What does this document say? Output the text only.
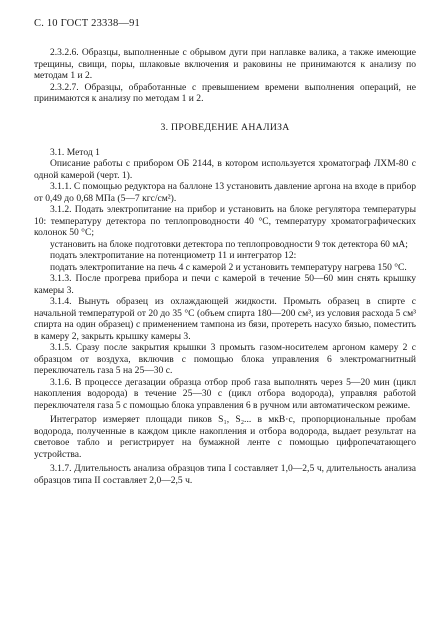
С. 10 ГОСТ 23338—91

2.3.2.6. Образцы, выполненные с обрывом дуги при наплавке валика, а также имеющие трещины, свищи, поры, шлаковые включения и раковины не принимаются к анализу по методам 1 и 2.

2.3.2.7. Образцы, обработанные с превышением времени выполнения операций, не принимаются к анализу по методам 1 и 2.

3. ПРОВЕДЕНИЕ АНАЛИЗА

3.1. Метод 1

Описание работы с прибором ОБ 2144, в котором используется хроматограф ЛХМ-80 с одной камерой (черт. 1).

3.1.1. С помощью редуктора на баллоне 13 установить давление аргона на входе в прибор от 0,49 до 0,68 МПа (5—7 кгс/см²).

3.1.2. Подать электропитание на прибор и установить на блоке регулятора температуры 10: температуру детектора по теплопроводности 40 °С, температуру хроматографических колонок 50 °С;

установить на блоке подготовки детектора по теплопроводности 9 ток детектора 60 мА;

подать электропитание на потенциометр 11 и интегратор 12:

подать электропитание на печь 4 с камерой 2 и установить температуру нагрева 150 °С.

3.1.3. После прогрева прибора и печи с камерой в течение 50—60 мин снять крышку камеры 3.

3.1.4. Вынуть образец из охлаждающей жидкости. Промыть образец в спирте с начальной температурой от 20 до 35 °С (объем спирта 180—200 см³, из условия расхода 5 см³ спирта на один образец) с применением тампона из бязи, протереть насухо бязью, поместить в камеру 2, закрыть крышку камеры 3.

3.1.5. Сразу после закрытия крышки 3 промыть газом-носителем аргоном камеру 2 с образцом от воздуха, включив с помощью блока управления 6 электромагнитный переключатель газа 5 на 25—30 с.

3.1.6. В процессе дегазации образца отбор проб газа выполнять через 5—20 мин (цикл накопления водорода) в течение 25—30 с (цикл отбора водорода), управляя работой переключателя газа 5 с помощью блока управления 6 в ручном или автоматическом режиме.

Интегратор измеряет площади пиков S₁, S₂... в мкВ·с, пропорциональные пробам водорода, полученные в каждом цикле накопления и отбора водорода, выдает результат на световое табло и регистрирует на бумажной ленте с помощью цифропечатающего устройства.

3.1.7. Длительность анализа образцов типа I составляет 1,0—2,5 ч, длительность анализа образцов типа II составляет 2,0—2,5 ч.
